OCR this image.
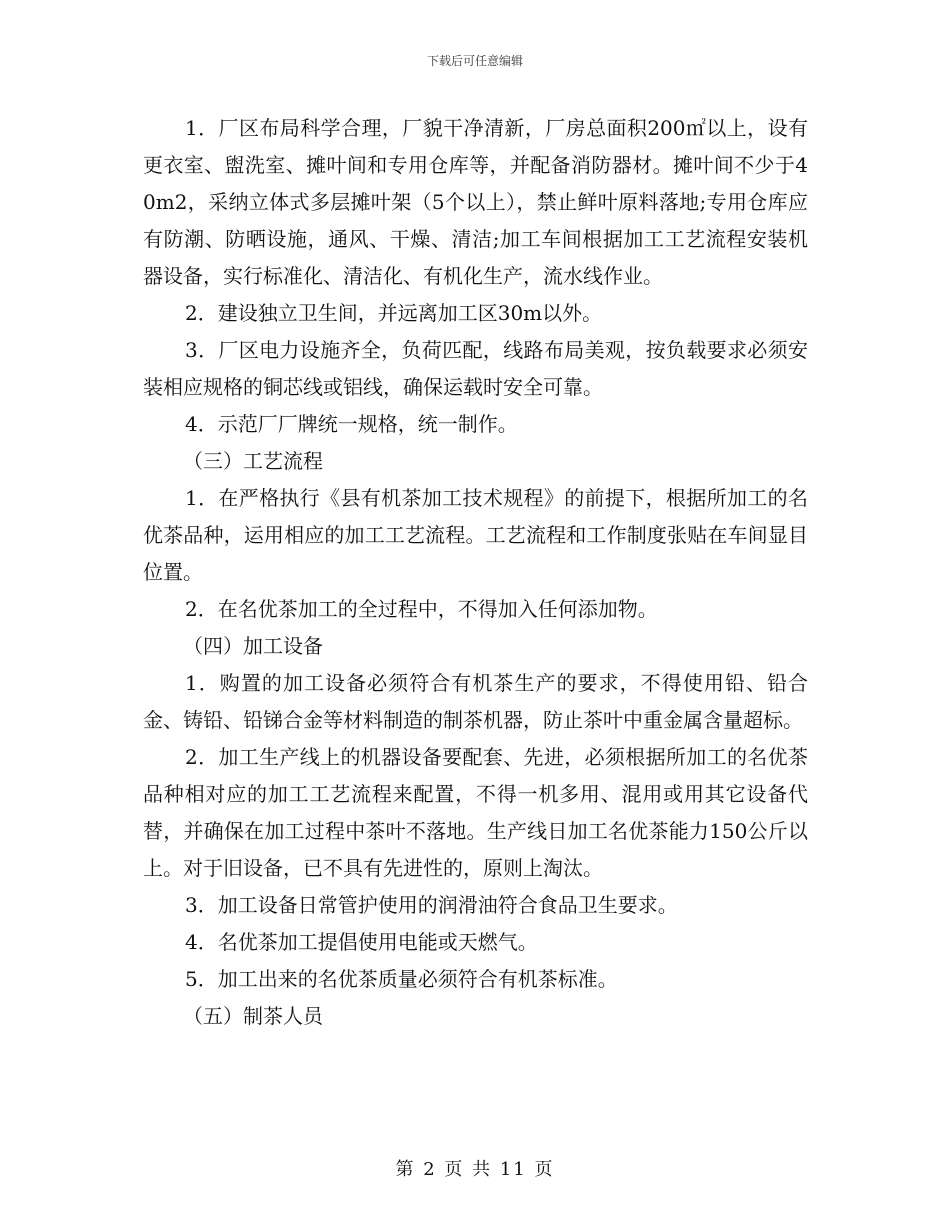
下载后可任意编辑

1．厂区布局科学合理，厂貌干净清新，厂房总面积200㎡以上，设有更衣室、盥洗室、摊叶间和专用仓库等，并配备消防器材。摊叶间不少于40m2，采纳立体式多层摊叶架（5个以上），禁止鲜叶原料落地;专用仓库应有防潮、防晒设施，通风、干燥、清洁;加工车间根据加工工艺流程安装机器设备，实行标准化、清洁化、有机化生产，流水线作业。

2．建设独立卫生间，并远离加工区30m以外。

3．厂区电力设施齐全，负荷匹配，线路布局美观，按负载要求必须安装相应规格的铜芯线或铝线，确保运载时安全可靠。

4．示范厂厂牌统一规格，统一制作。

（三）工艺流程

1．在严格执行《县有机茶加工技术规程》的前提下，根据所加工的名优茶品种，运用相应的加工工艺流程。工艺流程和工作制度张贴在车间显目位置。

2．在名优茶加工的全过程中，不得加入任何添加物。

（四）加工设备

1．购置的加工设备必须符合有机茶生产的要求，不得使用铅、铅合金、铸铅、铅锑合金等材料制造的制茶机器，防止茶叶中重金属含量超标。

2．加工生产线上的机器设备要配套、先进，必须根据所加工的名优茶品种相对应的加工工艺流程来配置，不得一机多用、混用或用其它设备代替，并确保在加工过程中茶叶不落地。生产线日加工名优茶能力150公斤以上。对于旧设备，已不具有先进性的，原则上淘汰。

3．加工设备日常管护使用的润滑油符合食品卫生要求。

4．名优茶加工提倡使用电能或天燃气。

5．加工出来的名优茶质量必须符合有机茶标准。

（五）制茶人员

第 2 页 共 11 页
